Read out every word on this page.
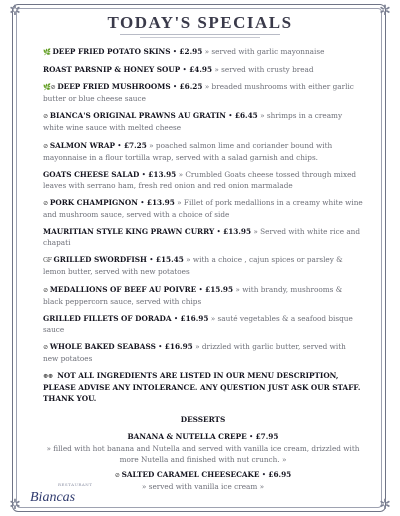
✲	✲
✲	✲
TODAY'S SPECIALS
🌿 DEEP FRIED POTATO SKINS • £2.95 » served with garlic mayonnaise
ROAST PARSNIP & HONEY SOUP • £4.95 » served with crusty bread
🌿⊘ DEEP FRIED MUSHROOMS • £6.25 » breaded mushrooms with either garlic butter or blue cheese sauce
⊘ BIANCA'S ORIGINAL PRAWNS AU GRATIN • £6.45 » shrimps in a creamy white wine sauce with melted cheese
⊘ SALMON WRAP • £7.25 » poached salmon lime and coriander bound with mayonnaise in a flour tortilla wrap, served with a salad garnish and chips.
GOATS CHEESE SALAD • £13.95 » Crumbled Goats cheese tossed through mixed leaves with serrano ham, fresh red onion and red onion marmalade
⊘ PORK CHAMPIGNON • £13.95 » Fillet of pork medallions in a creamy white wine and mushroom sauce, served with a choice of side
MAURITIAN STYLE KING PRAWN CURRY • £13.95 » Served with white rice and chapati
GF GRILLED SWORDFISH • £15.45 » with a choice , cajun spices or parsley & lemon butter, served with new potatoes
⊘ MEDALLIONS OF BEEF AU POIVRE • £15.95 » with brandy, mushrooms & black peppercorn sauce, served with chips
GRILLED FILLETS OF DORADA • £16.95 » sauté vegetables & a seafood bisque sauce
⊘ WHOLE BAKED SEABASS • £16.95 » drizzled with garlic butter, served with new potatoes
⊕⊕ NOT ALL INGREDIENTS ARE LISTED IN OUR MENU DESCRIPTION, PLEASE ADVISE ANY INTOLERANCE. ANY QUESTION JUST ASK OUR STAFF. THANK YOU.
DESSERTS
BANANA & NUTELLA CREPE • £7.95
» filled with hot banana and Nutella and served with vanilla ice cream, drizzled with more Nutella and finished with nut crunch. »
⊘ SALTED CARAMEL CHEESECAKE • £6.95
» served with vanilla ice cream »
RESTAURANT
Biancas
